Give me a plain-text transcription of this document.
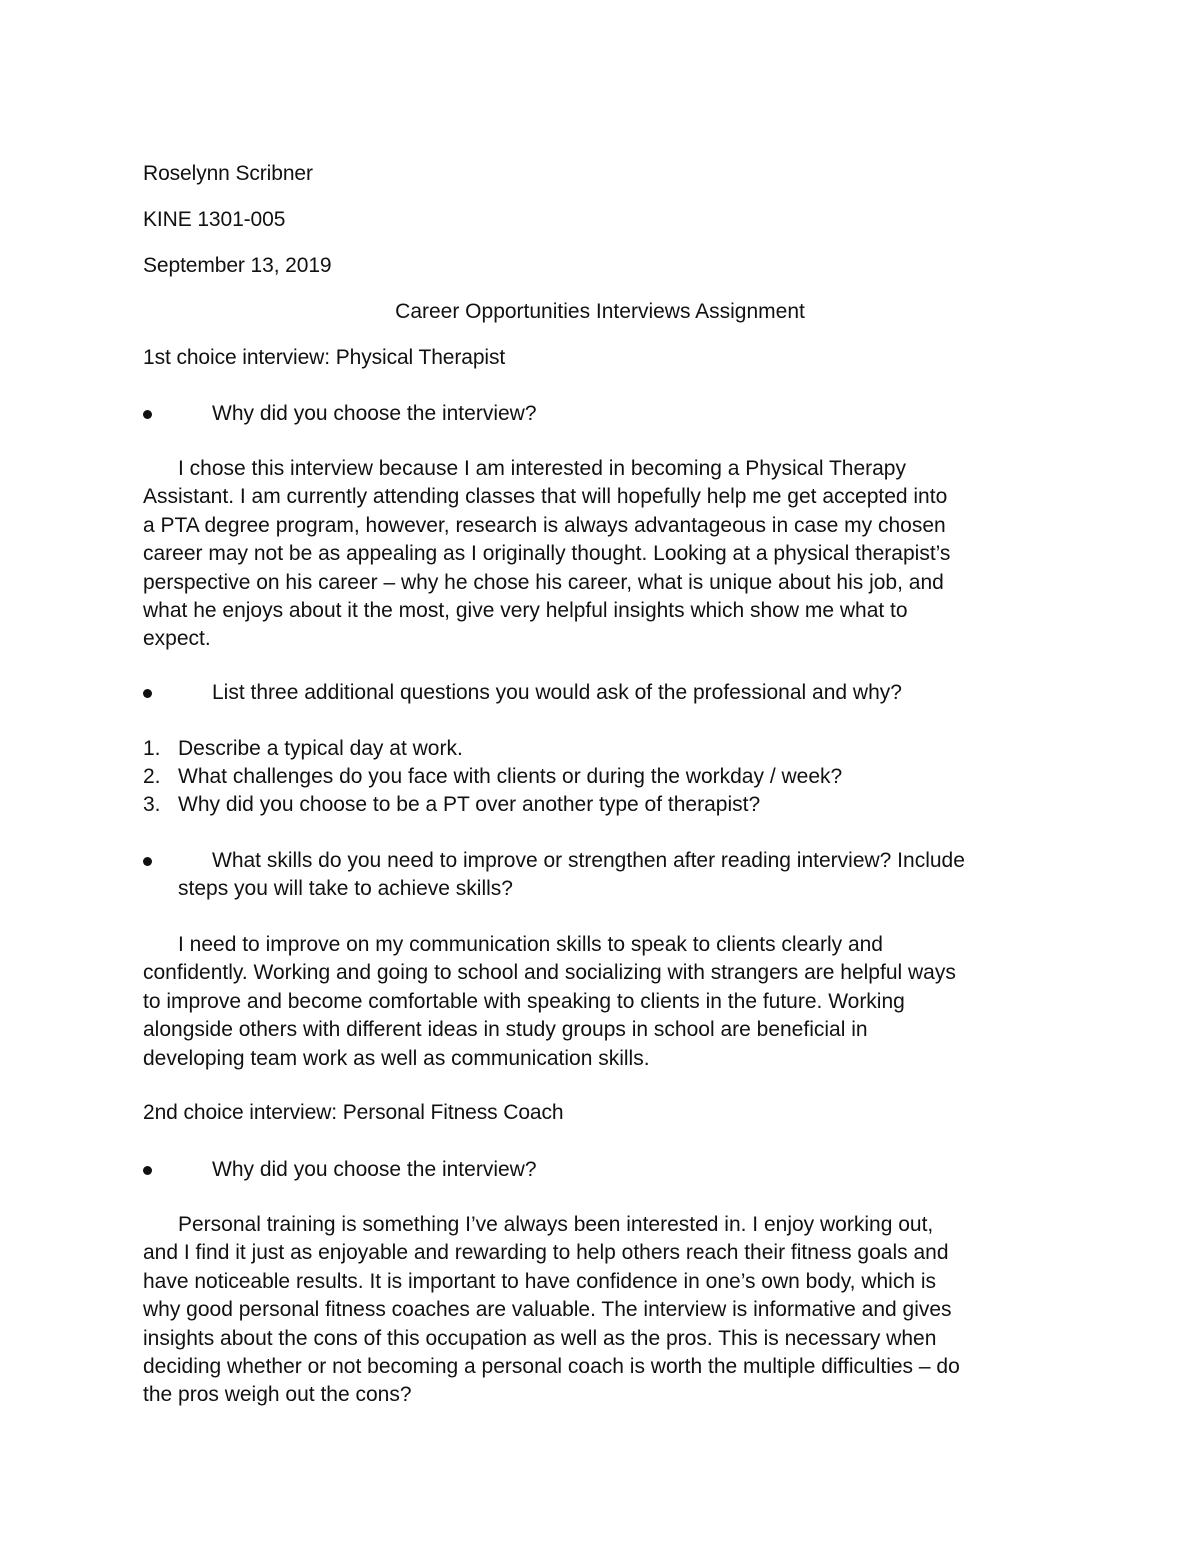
Roselynn Scribner
KINE 1301-005
September 13, 2019
Career Opportunities Interviews Assignment
1st choice interview: Physical Therapist
Why did you choose the interview?
I chose this interview because I am interested in becoming a Physical Therapy
Assistant. I am currently attending classes that will hopefully help me get accepted into
a PTA degree program, however, research is always advantageous in case my chosen
career may not be as appealing as I originally thought. Looking at a physical therapist’s
perspective on his career – why he chose his career, what is unique about his job, and
what he enjoys about it the most, give very helpful insights which show me what to
expect.
List three additional questions you would ask of the professional and why?
1. Describe a typical day at work.
2. What challenges do you face with clients or during the workday / week?
3. Why did you choose to be a PT over another type of therapist?
What skills do you need to improve or strengthen after reading interview? Include
steps you will take to achieve skills?
I need to improve on my communication skills to speak to clients clearly and
confidently. Working and going to school and socializing with strangers are helpful ways
to improve and become comfortable with speaking to clients in the future. Working
alongside others with different ideas in study groups in school are beneficial in
developing team work as well as communication skills.
2nd choice interview: Personal Fitness Coach
Why did you choose the interview?
Personal training is something I’ve always been interested in. I enjoy working out,
and I find it just as enjoyable and rewarding to help others reach their fitness goals and
have noticeable results. It is important to have confidence in one’s own body, which is
why good personal fitness coaches are valuable. The interview is informative and gives
insights about the cons of this occupation as well as the pros. This is necessary when
deciding whether or not becoming a personal coach is worth the multiple difficulties – do
the pros weigh out the cons?
